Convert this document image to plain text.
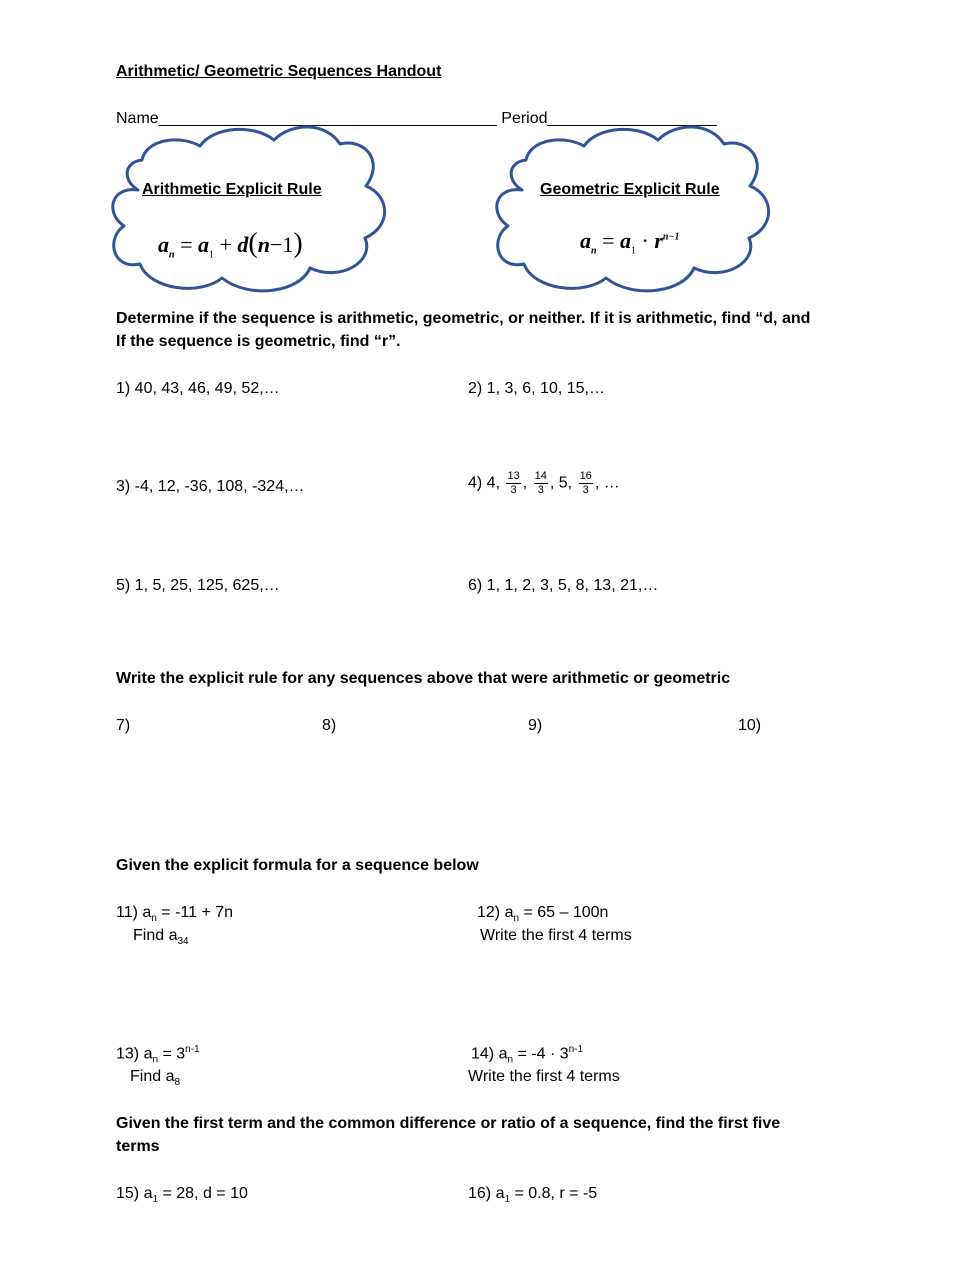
Arithmetic/ Geometric Sequences Handout
Name______________________________________ Period___________________
Arithmetic Explicit Rule	Geometric Explicit Rule
$a_n = a_1 + d(n-1)$	$a_n = a_1 \cdot r^{n-1}$
Determine if the sequence is arithmetic, geometric, or neither. If it is arithmetic, find “d, and
If the sequence is geometric, find “r”.
1) 40, 43, 46, 49, 52,…	2) 1, 3, 6, 10, 15,…
3) -4, 12, -36, 108, -324,…	4) 4, $\frac{13}{3}$ , $\frac{14}{3}$ , 5, $\frac{16}{3}$ , …
5) 1, 5, 25, 125, 625,…	6) 1, 1, 2, 3, 5, 8, 13, 21,…
Write the explicit rule for any sequences above that were arithmetic or geometric
7)	8)	9)	10)
Given the explicit formula for a sequence below
11) $a_n = -11 + 7n$
Find $a_{34}$
12) $a_n = 65 - 100n$
Write the first 4 terms
13) $a_n = 3^{n-1}$
Find $a_8$
14) $a_n = -4 \cdot 3^{n-1}$
Write the first 4 terms
Given the first term and the common difference or ratio of a sequence, find the first five
terms
15) $a_1 = 28$, d = 10	16) $a_1 = 0.8$, r = -5
